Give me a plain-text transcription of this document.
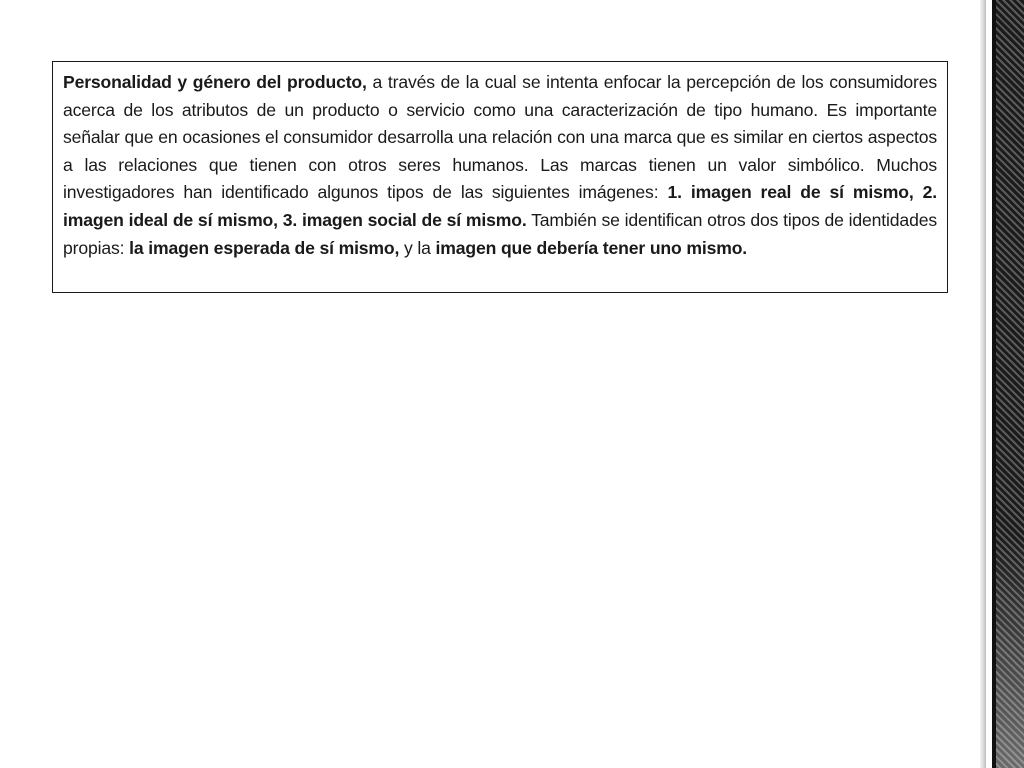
Personalidad y género del producto, a través de la cual se intenta enfocar la percepción de los consumidores acerca de los atributos de un producto o servicio como una caracterización de tipo humano. Es importante señalar que en ocasiones el consumidor desarrolla una relación con una marca que es similar en ciertos aspectos a las relaciones que tienen con otros seres humanos. Las marcas tienen un valor simbólico. Muchos investigadores han identificado algunos tipos de las siguientes imágenes: 1. imagen real de sí mismo, 2. imagen ideal de sí mismo, 3. imagen social de sí mismo. También se identifican otros dos tipos de identidades propias: la imagen esperada de sí mismo, y la imagen que debería tener uno mismo.
